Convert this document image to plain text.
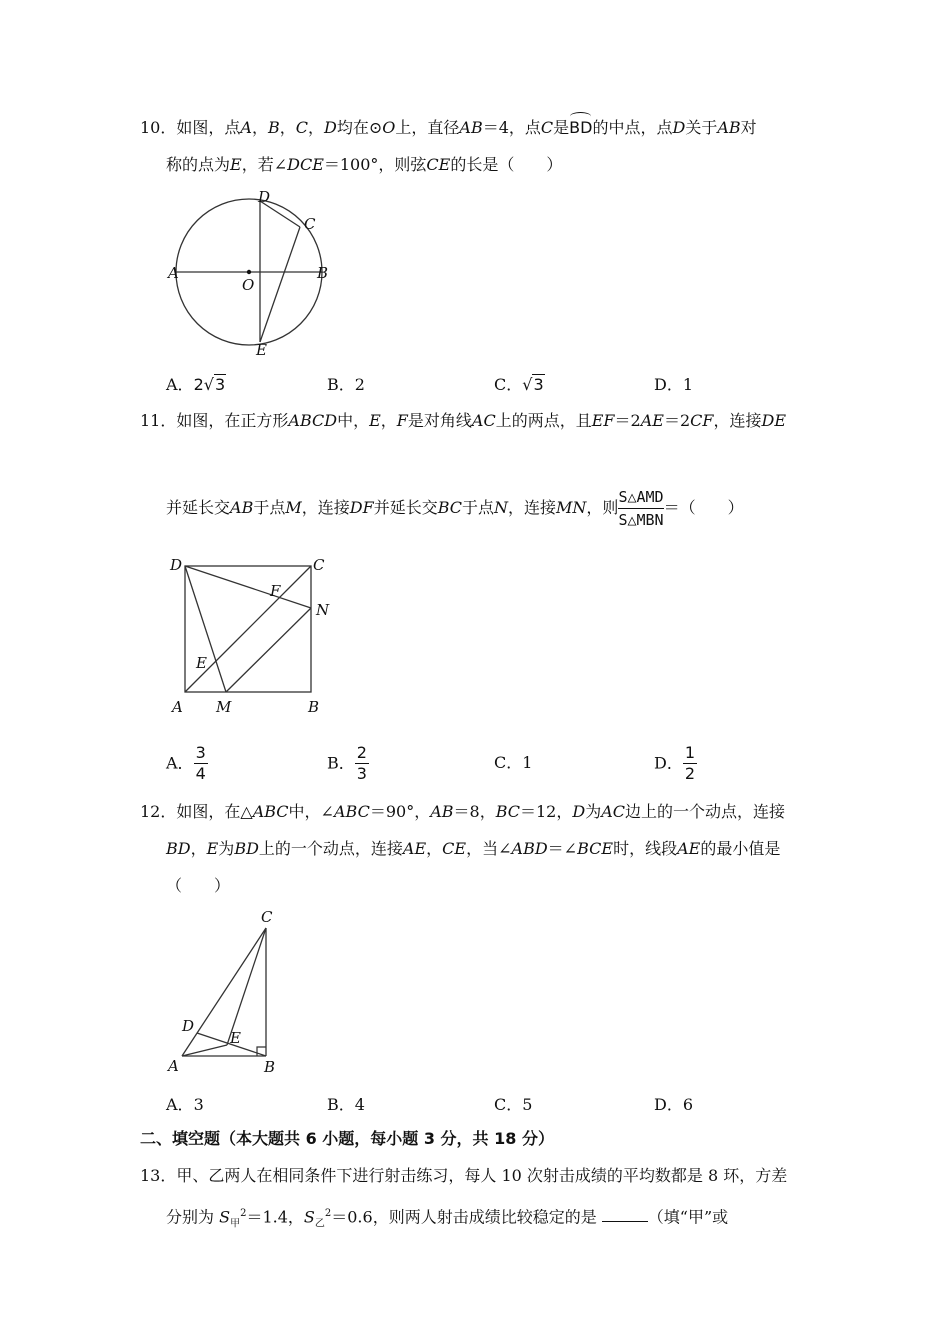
10．如图，点A，B，C，D均在⊙O上，直径AB＝4，点C是BD的中点，点D关于AB对
称的点为E，若∠DCE＝100°，则弦CE的长是（　　）
D
C
A
O
B
E
A．2√3	B．2	C．√3	D．1
11．如图，在正方形ABCD中，E，F是对角线AC上的两点，且EF＝2AE＝2CF，连接DE
并延长交AB于点M，连接DF并延长交BC于点N，连接MN，则 $\frac{\text{S△AMD}}{\text{S△MBN}}$ ＝（　　）
D	C
F
N
E
A M	B
A． $\frac{3}{4}$	B． $\frac{2}{3}$	C．1	D． $\frac{1}{2}$
12．如图，在△ABC中，∠ABC＝90°，AB＝8，BC＝12，D为AC边上的一个动点，连接
BD，E为BD上的一个动点，连接AE，CE，当∠ABD＝∠BCE时，线段AE的最小值是
（　　）
C
D
E
A	B
A．3	B．4	C．5	D．6
二、填空题（本大题共 6 小题，每小题 3 分，共 18 分）
13．甲、乙两人在相同条件下进行射击练习，每人 10 次射击成绩的平均数都是 8 环，方差
分别为 $S_甲^2=1.4$，$S_乙^2=0.6$，则两人射击成绩比较稳定的是	（填“甲”或
